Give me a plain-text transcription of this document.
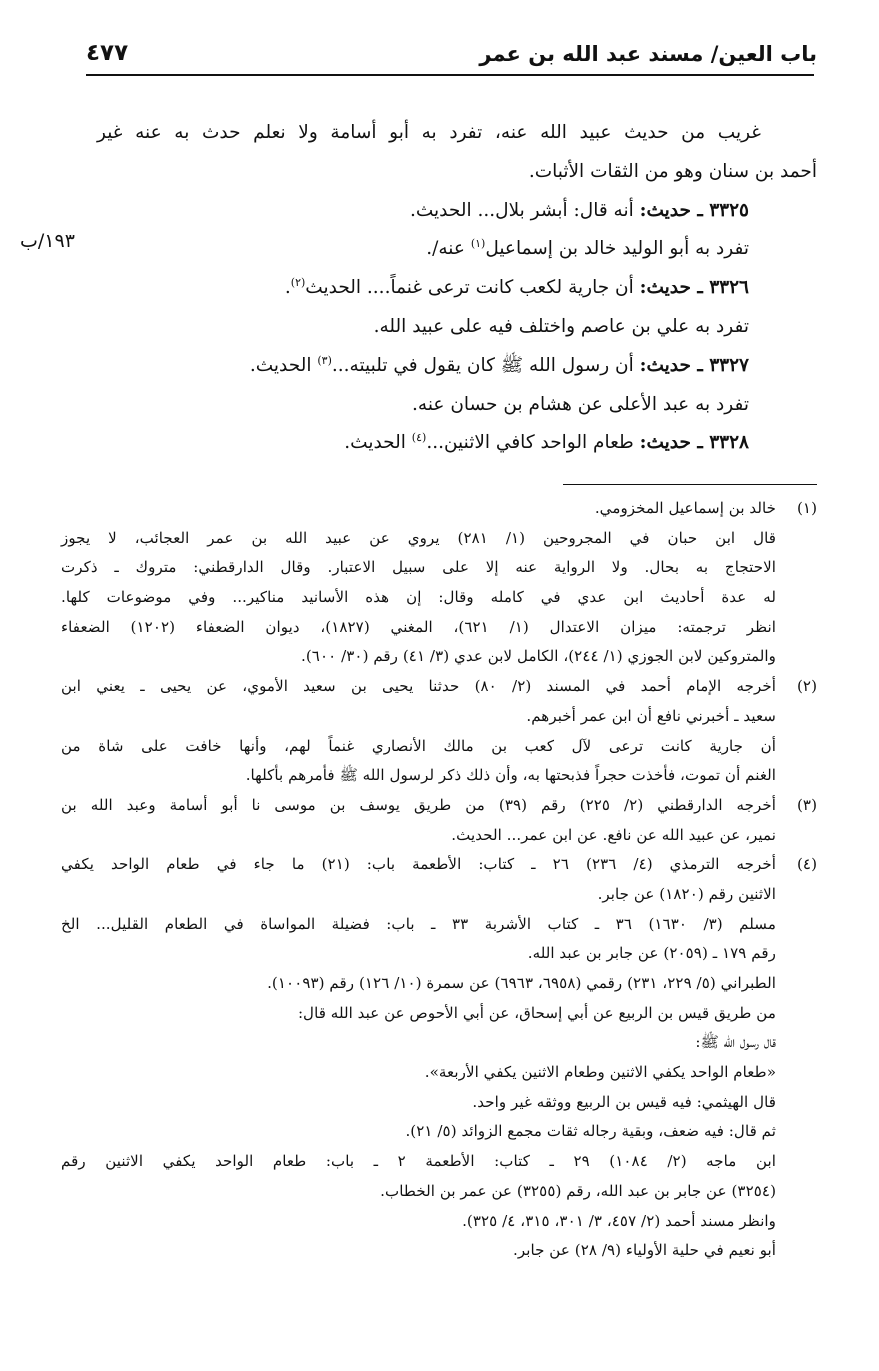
باب العين/ مسند عبد الله بن عمر
٤٧٧
١٩٣/ب
غريب من حديث عبيد الله عنه، تفرد به أبو أسامة ولا نعلم حدث به عنه غير
أحمد بن سنان وهو من الثقات الأثبات.
٣٣٢٥ ـ حديث: أنه قال: أبشر بلال... الحديث.
تفرد به أبو الوليد خالد بن إسماعيل$^{(١)}$ عنه/.
٣٣٢٦ ـ حديث: أن جارية لكعب كانت ترعى غنماً.... الحديث$^{(٢)}$.
تفرد به علي بن عاصم واختلف فيه على عبيد الله.
٣٣٢٧ ـ حديث: أن رسول الله ﷺ كان يقول في تلبيته...$^{(٣)}$ الحديث.
تفرد به عبد الأعلى عن هشام بن حسان عنه.
٣٣٢٨ ـ حديث: طعام الواحد كافي الاثنين...$^{(٤)}$ الحديث.
(١)
خالد بن إسماعيل المخزومي.
قال ابن حبان في المجروحين (١/ ٢٨١) يروي عن عبيد الله بن عمر العجائب، لا يجوز
الاحتجاج به بحال. ولا الرواية عنه إلا على سبيل الاعتبار. وقال الدارقطني: متروك ـ ذكرت
له عدة أحاديث ابن عدي في كامله وقال: إن هذه الأسانيد مناكير... وفي موضوعات كلها.
انظر ترجمته: ميزان الاعتدال (١/ ٦٢١)، المغني (١٨٢٧)، ديوان الضعفاء (١٢٠٢) الضعفاء
والمتروكين لابن الجوزي (١/ ٢٤٤)، الكامل لابن عدي (٣/ ٤١) رقم (٣٠/ ٦٠٠).
(٢)
أخرجه الإمام أحمد في المسند (٢/ ٨٠) حدثنا يحيى بن سعيد الأموي، عن يحيى ـ يعني ابن
سعيد ـ أخبرني نافع أن ابن عمر أخبرهم.
أن جارية كانت ترعى لآل كعب بن مالك الأنصاري غنماً لهم، وأنها خافت على شاة من
الغنم أن تموت، فأخذت حجراً فذبحتها به، وأن ذلك ذكر لرسول الله ﷺ فأمرهم بأكلها.
(٣)
أخرجه الدارقطني (٢/ ٢٢٥) رقم (٣٩) من طريق يوسف بن موسى نا أبو أسامة وعبد الله بن
نمير، عن عبيد الله عن نافع. عن ابن عمر... الحديث.
(٤)
أخرجه الترمذي (٤/ ٢٣٦) ٢٦ ـ كتاب: الأطعمة باب: (٢١) ما جاء في طعام الواحد يكفي
الاثنين رقم (١٨٢٠) عن جابر.
مسلم (٣/ ١٦٣٠) ٣٦ ـ كتاب الأشربة ٣٣ ـ باب: فضيلة المواساة في الطعام القليل... الخ
رقم ١٧٩ ـ (٢٠٥٩) عن جابر بن عبد الله.
الطبراني (٥/ ٢٢٩، ٢٣١) رقمي (٦٩٥٨، ٦٩٦٣) عن سمرة (١٠/ ١٢٦) رقم (١٠٠٩٣).
من طريق قيس بن الربيع عن أبي إسحاق، عن أبي الأحوص عن عبد الله قال:
قال رسول الله ﷺ:
«طعام الواحد يكفي الاثنين وطعام الاثنين يكفي الأربعة».
قال الهيثمي: فيه قيس بن الربيع ووثقه غير واحد.
ثم قال: فيه ضعف، وبقية رجاله ثقات مجمع الزوائد (٥/ ٢١).
ابن ماجه (٢/ ١٠٨٤) ٢٩ ـ كتاب: الأطعمة ٢ ـ باب: طعام الواحد يكفي الاثنين رقم
(٣٢٥٤) عن جابر بن عبد الله، رقم (٣٢٥٥) عن عمر بن الخطاب.
وانظر مسند أحمد (٢/ ٤٥٧، ٣/ ٣٠١، ٣١٥، ٤/ ٣٢٥).
أبو نعيم في حلية الأولياء (٩/ ٢٨) عن جابر.
